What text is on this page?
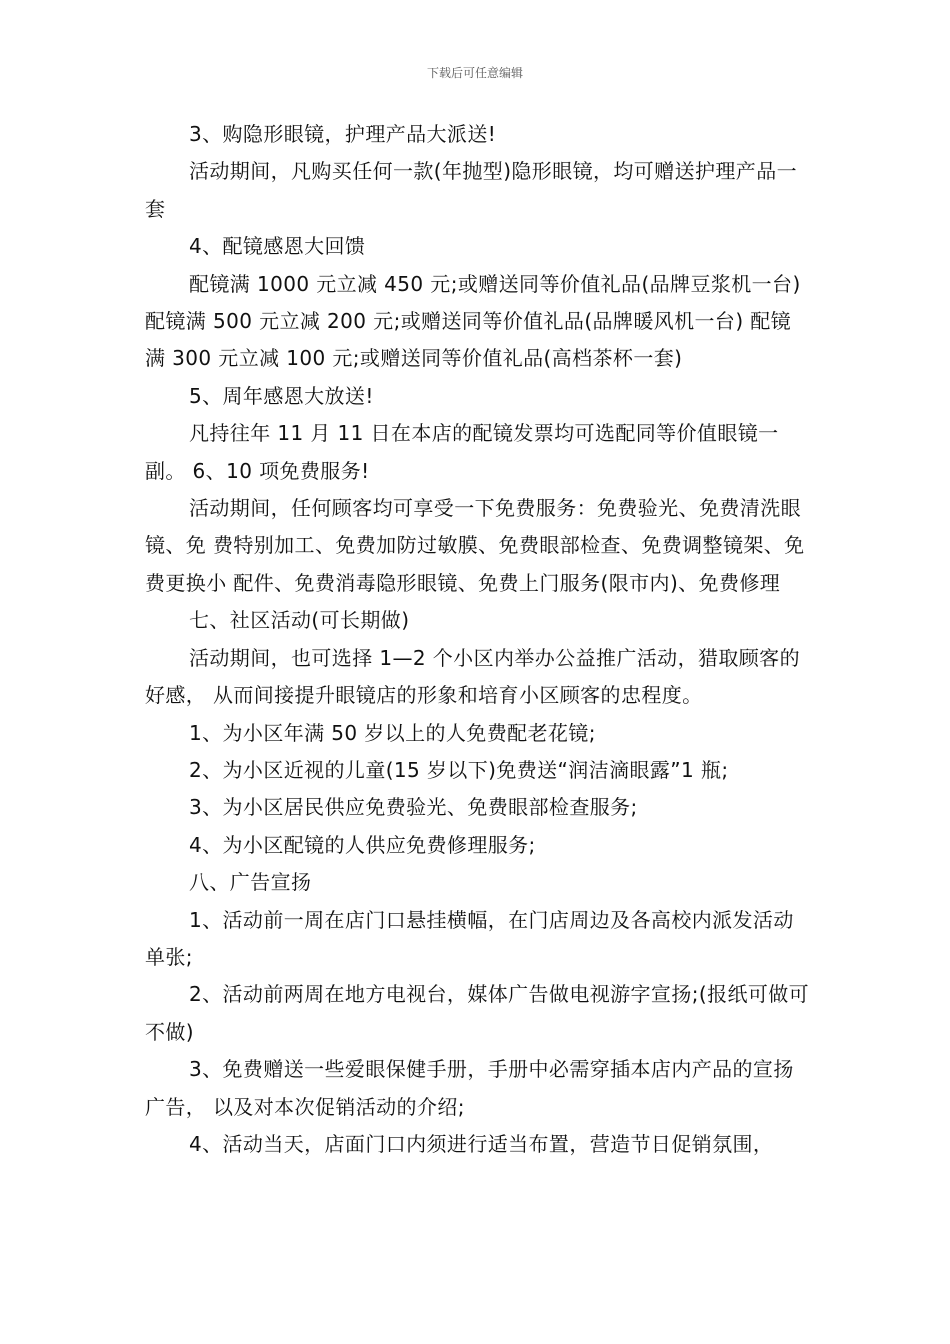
下载后可任意编辑

3、购隐形眼镜，护理产品大派送!

活动期间，凡购买任何一款(年抛型)隐形眼镜，均可赠送护理产品一套

4、配镜感恩大回馈

配镜满 1000 元立减 450 元;或赠送同等价值礼品(品牌豆浆机一台) 配镜满 500 元立减 200 元;或赠送同等价值礼品(品牌暖风机一台) 配镜满 300 元立减 100 元;或赠送同等价值礼品(高档茶杯一套)

5、周年感恩大放送!

凡持往年 11 月 11 日在本店的配镜发票均可选配同等价值眼镜一副。 6、10 项免费服务!

活动期间，任何顾客均可享受一下免费服务：免费验光、免费清洗眼镜、免 费特别加工、免费加防过敏膜、免费眼部检查、免费调整镜架、免费更换小 配件、免费消毒隐形眼镜、免费上门服务(限市内)、免费修理

七、社区活动(可长期做)

活动期间，也可选择 1—2 个小区内举办公益推广活动，猎取顾客的好感， 从而间接提升眼镜店的形象和培育小区顾客的忠程度。

1、为小区年满 50 岁以上的人免费配老花镜;

2、为小区近视的儿童(15 岁以下)免费送“润洁滴眼露”1 瓶;

3、为小区居民供应免费验光、免费眼部检查服务;

4、为小区配镜的人供应免费修理服务;

八、广告宣扬

1、活动前一周在店门口悬挂横幅，在门店周边及各高校内派发活动单张;

2、活动前两周在地方电视台，媒体广告做电视游字宣扬;(报纸可做可不做)

3、免费赠送一些爱眼保健手册，手册中必需穿插本店内产品的宣扬广告， 以及对本次促销活动的介绍;

4、活动当天，店面门口内须进行适当布置，营造节日促销氛围，
